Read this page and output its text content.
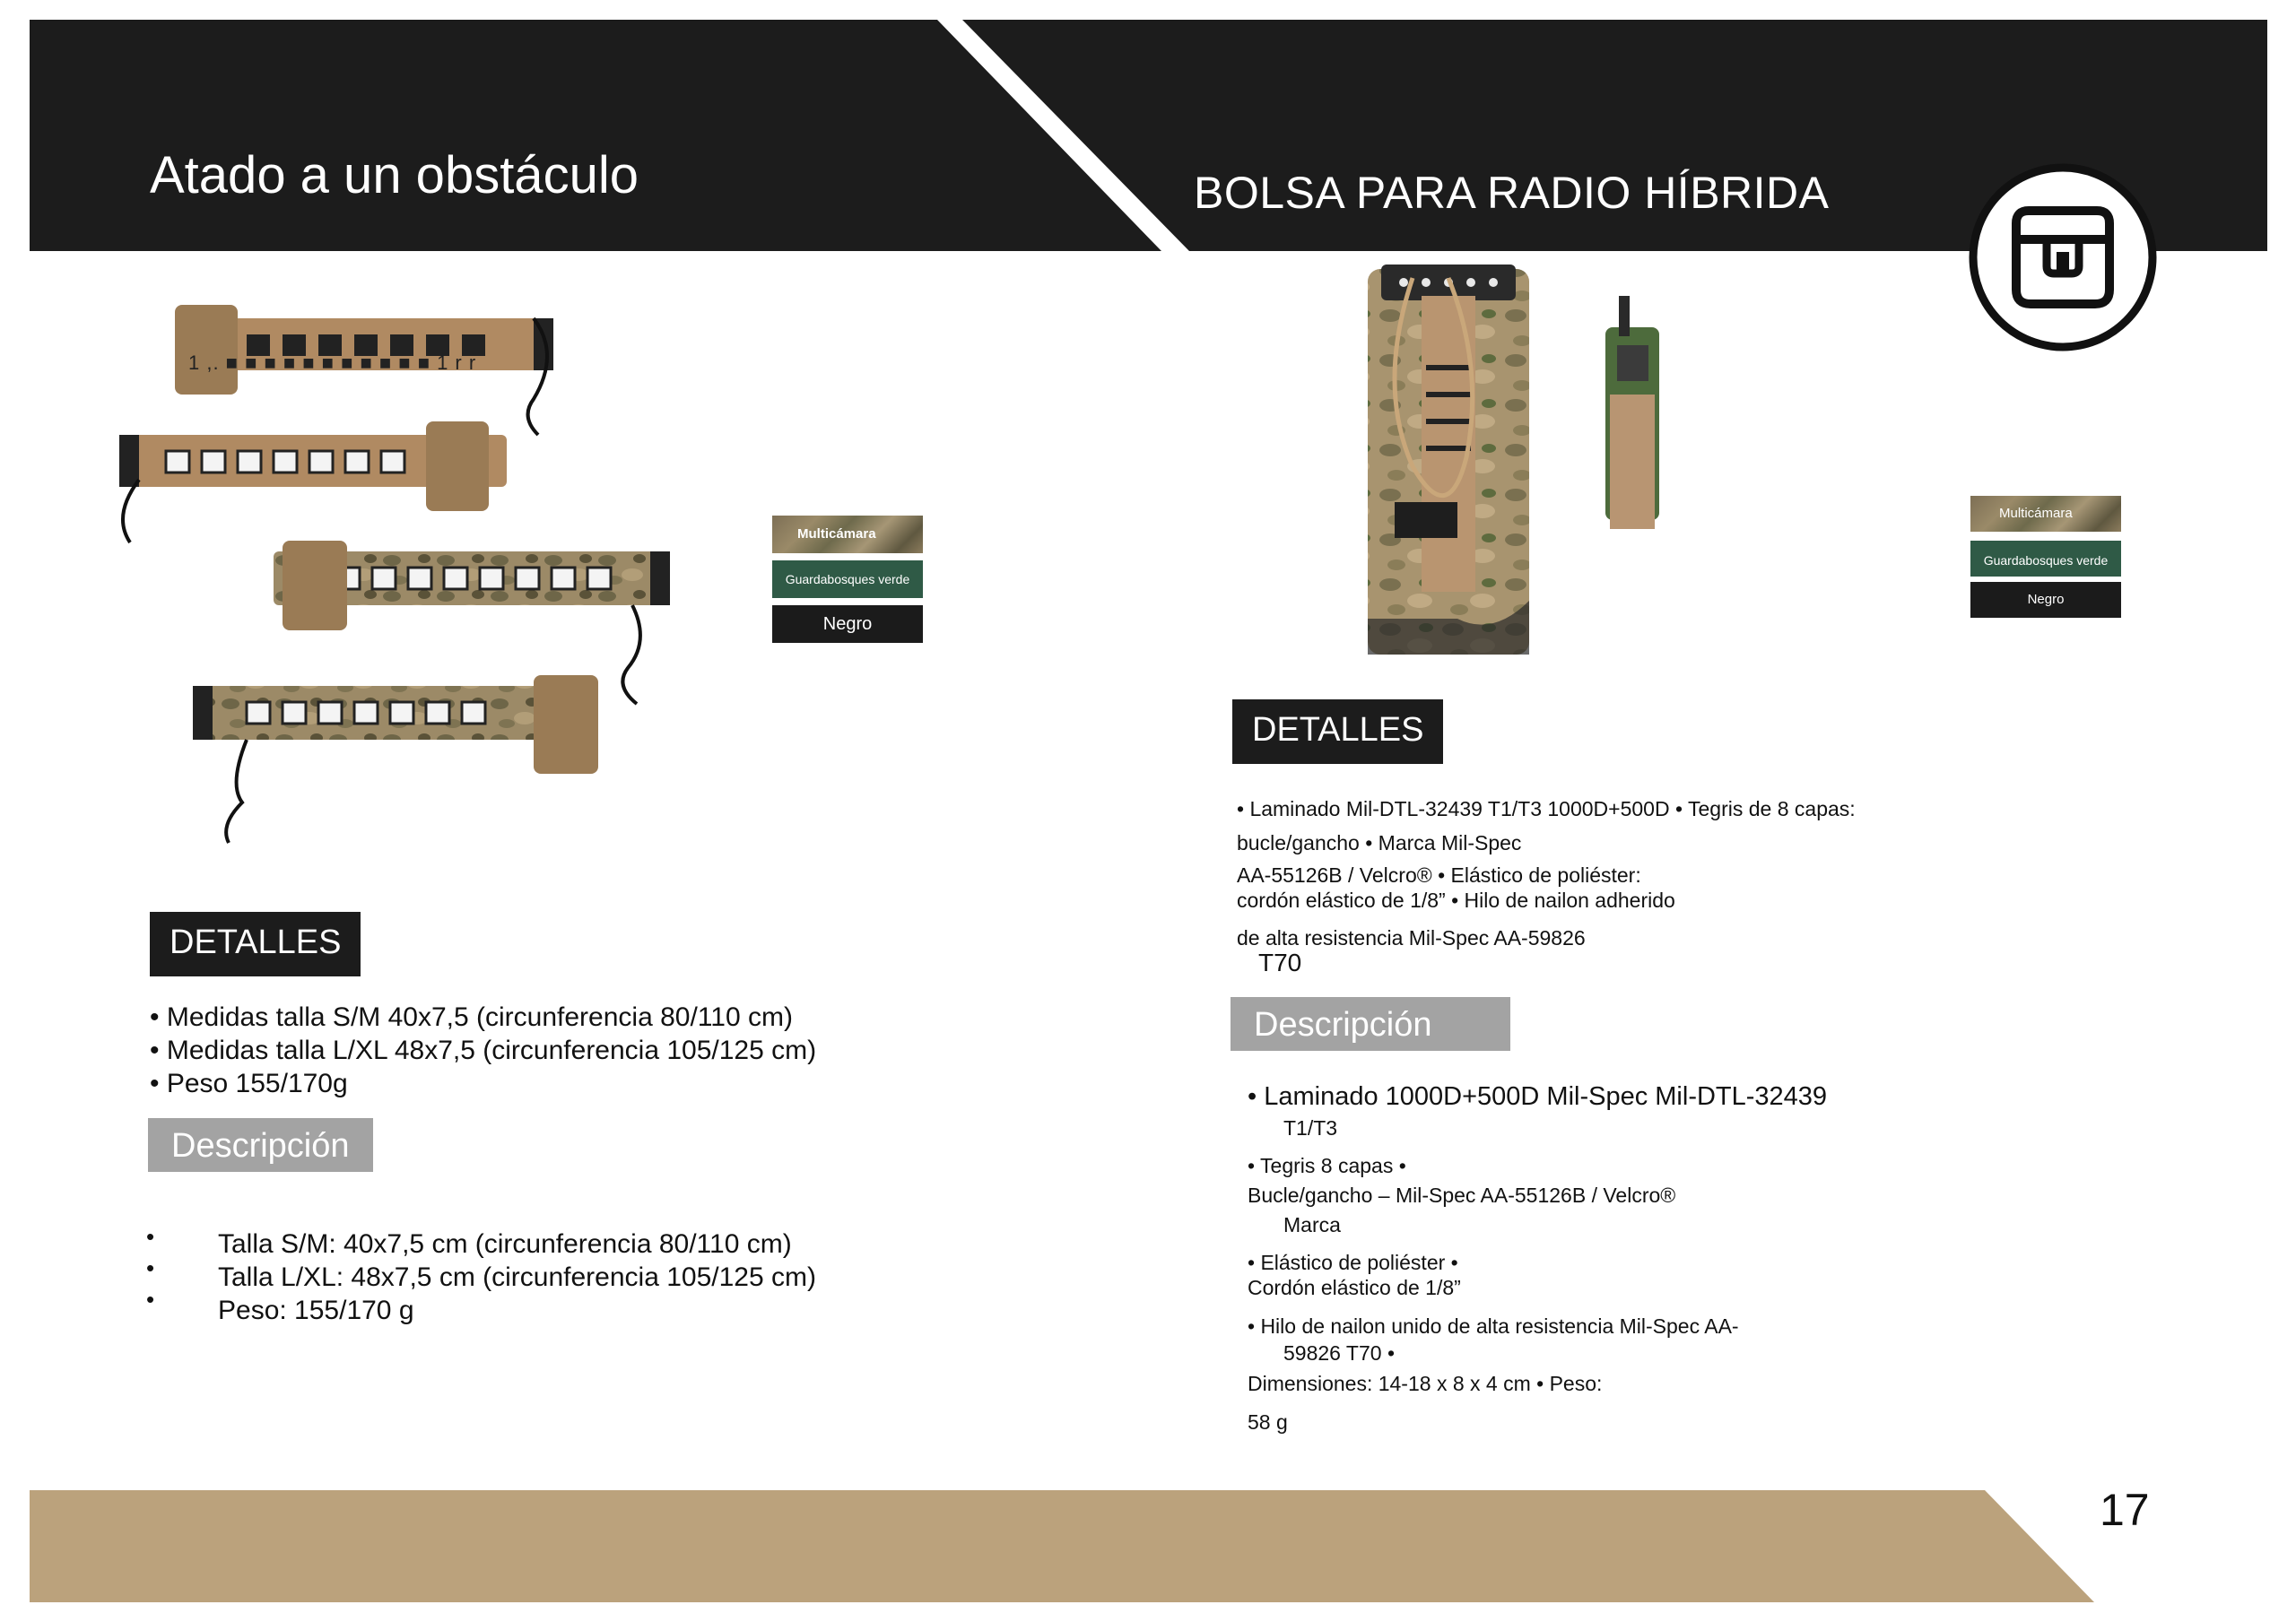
Atado a un obstáculo	BOLSA PARA RADIO HÍBRIDA
1 ,. ■ ■ ■ ■ ■ ■ ■ ■ ■ ■ ■ 1 r r
Multicámara
Guardabosques verde
Negro
DETALLES
• Medidas talla S/M 40x7,5 (circunferencia 80/110 cm)
• Medidas talla L/XL 48x7,5 (circunferencia 105/125 cm)
• Peso 155/170g
Descripción
•
•
•
Talla S/M: 40x7,5 cm (circunferencia 80/110 cm)
Talla L/XL: 48x7,5 cm (circunferencia 105/125 cm)
Peso: 155/170 g
Multicámara
Guardabosques verde
Negro
DETALLES
• Laminado Mil-DTL-32439 T1/T3 1000D+500D • Tegris de 8 capas:
bucle/gancho • Marca Mil-Spec
AA-55126B / Velcro® • Elástico de poliéster:
cordón elástico de 1/8” • Hilo de nailon adherido
de alta resistencia Mil-Spec AA-59826
T70
Descripción
• Laminado 1000D+500D Mil-Spec Mil-DTL-32439
T1/T3
• Tegris 8 capas •
Bucle/gancho – Mil-Spec AA-55126B / Velcro®
Marca
• Elástico de poliéster •
Cordón elástico de 1/8”
• Hilo de nailon unido de alta resistencia Mil-Spec AA-
59826 T70 •
Dimensiones: 14-18 x 8 x 4 cm • Peso:
58 g
17
